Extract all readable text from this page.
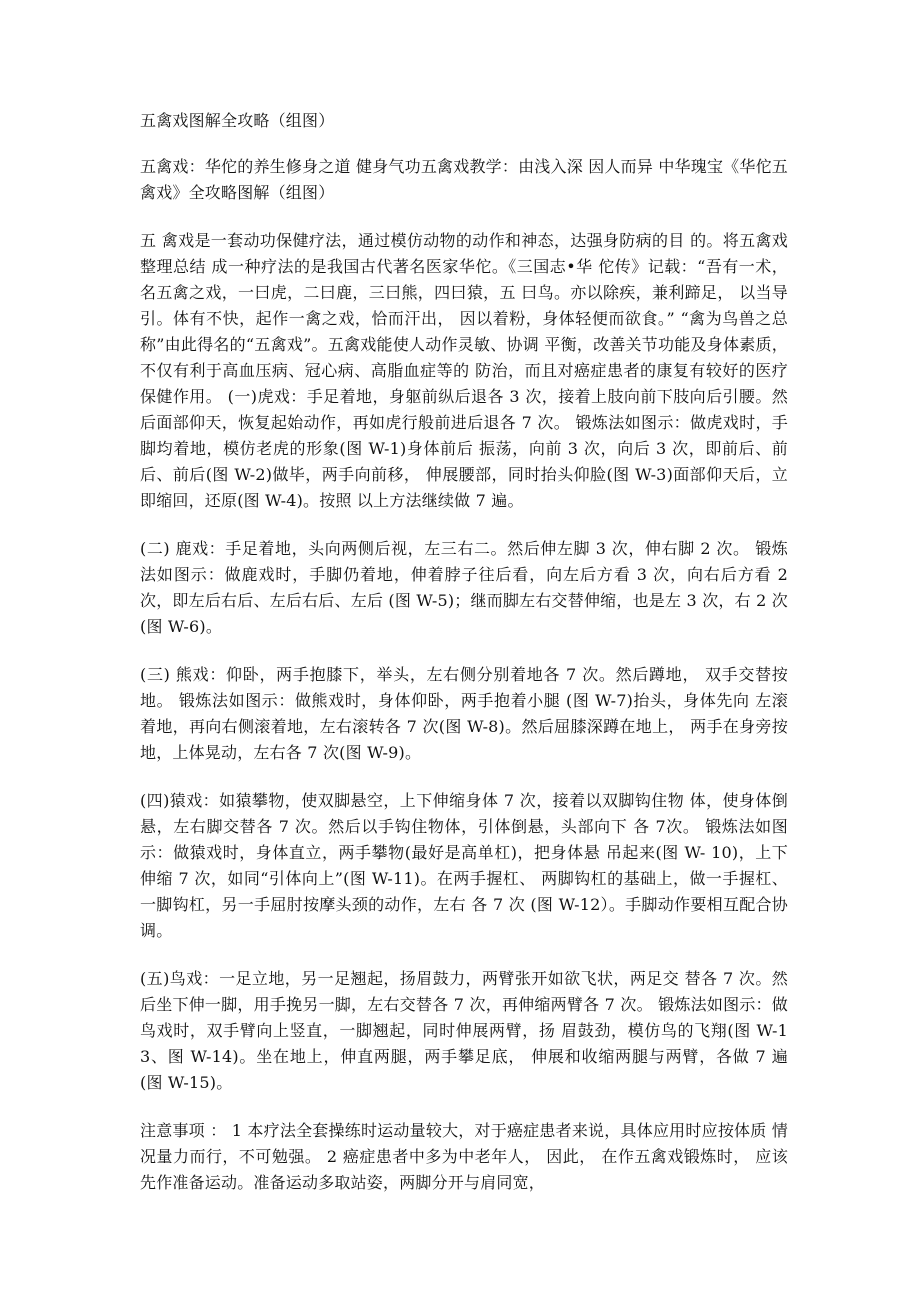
五禽戏图解全攻略（组图）

五禽戏：华佗的养生修身之道 健身气功五禽戏教学：由浅入深 因人而异 中华瑰宝《华佗五禽戏》全攻略图解（组图）

五 禽戏是一套动功保健疗法，通过模仿动物的动作和神态，达强身防病的目 的。将五禽戏整理总结 成一种疗法的是我国古代著名医家华佗。《三国志•华 佗传》记载：“吾有一术，名五禽之戏，一曰虎，二曰鹿，三曰熊，四曰猿，五 曰鸟。亦以除疾，兼利蹄足， 以当导引。体有不快，起作一禽之戏，恰而汗出， 因以着粉，身体轻便而欲食。” “禽为鸟兽之总称”由此得名的“五禽戏”。五禽戏能使人动作灵敏、协调 平衡，改善关节功能及身体素质，不仅有利于高血压病、冠心病、高脂血症等的 防治，而且对癌症患者的康复有较好的医疗保健作用。 (一)虎戏：手足着地，身躯前纵后退各 3 次，接着上肢向前下肢向后引腰。然后面部仰天，恢复起始动作，再如虎行般前进后退各 7 次。 锻炼法如图示：做虎戏时，手脚均着地，模仿老虎的形象(图 W-1)身体前后 振荡，向前 3 次，向后 3 次，即前后、前后、前后(图 W-2)做毕，两手向前移， 伸展腰部，同时抬头仰脸(图 W-3)面部仰天后，立即缩回，还原(图 W-4)。按照 以上方法继续做 7 遍。

(二) 鹿戏：手足着地，头向两侧后视，左三右二。然后伸左脚 3 次，伸右脚 2 次。 锻炼法如图示：做鹿戏时，手脚仍着地，伸着脖子往后看，向左后方看 3 次，向右后方看 2 次，即左后右后、左后右后、左后 (图 W-5)；继而脚左右交替伸缩，也是左 3 次，右 2 次(图 W-6)。

(三) 熊戏：仰卧，两手抱膝下，举头，左右侧分别着地各 7 次。然后蹲地， 双手交替按地。 锻炼法如图示：做熊戏时，身体仰卧，两手抱着小腿 (图 W-7)抬头，身体先向 左滚着地，再向右侧滚着地，左右滚转各 7 次(图 W-8)。然后屈膝深蹲在地上， 两手在身旁按地，上体晃动，左右各 7 次(图 W-9)。

(四)猿戏：如猿攀物，使双脚悬空，上下伸缩身体 7 次，接着以双脚钩住物 体，使身体倒悬，左右脚交替各 7 次。然后以手钩住物体，引体倒悬，头部向下 各 7次。 锻炼法如图示：做猿戏时，身体直立，两手攀物(最好是高单杠)，把身体悬 吊起来(图 W- 10)，上下伸缩 7 次，如同“引体向上”(图 W-11)。在两手握杠、 两脚钩杠的基础上，做一手握杠、一脚钩杠，另一手屈肘按摩头颈的动作，左右 各 7 次 (图 W-12）。手脚动作要相互配合协调。

(五)鸟戏：一足立地，另一足翘起，扬眉鼓力，两臂张开如欲飞状，两足交 替各 7 次。然后坐下伸一脚，用手挽另一脚，左右交替各 7 次，再伸缩两臂各 7 次。 锻炼法如图示：做鸟戏时，双手臂向上竖直，一脚翘起，同时伸展两臂，扬 眉鼓劲，模仿鸟的飞翔(图 W-13、图 W-14)。坐在地上，伸直两腿，两手攀足底， 伸展和收缩两腿与两臂，各做 7 遍 (图 W-15)。

注意事项 ： 1 本疗法全套操练时运动量较大，对于癌症患者来说，具体应用时应按体质 情况量力而行，不可勉强。 2 癌症患者中多为中老年人， 因此， 在作五禽戏锻炼时， 应该先作准备运动。准备运动多取站姿，两脚分开与肩同宽，
